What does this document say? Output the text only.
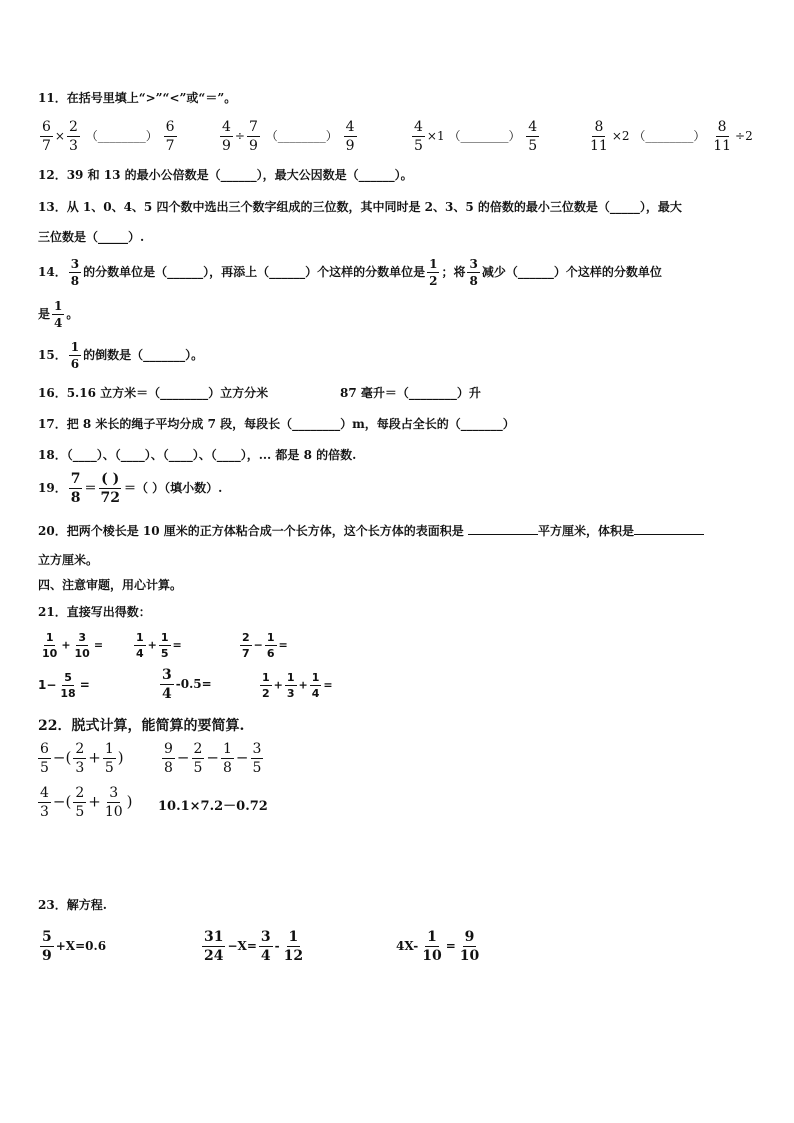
11．在括号里填上“>”“<”或“＝”。
$\frac{6}{7} \times \frac{2}{3}$ （________） $\frac{6}{7}$	$\frac{4}{9} \div \frac{7}{9}$ （________） $\frac{4}{9}$	$\frac{4}{5} \times 1$ （________） $\frac{4}{5}$	$\frac{8}{11} \times 2$ （________） $\frac{8}{11} \div 2$
12．39 和 13 的最小公倍数是（______），最大公因数是（______）。
13．从 1、0、4、5 四个数中选出三个数字组成的三位数，其中同时是 2、3、5 的倍数的最小三位数是（_____），最大
三位数是（_____）.
14． $\frac{3}{8}$ 的分数单位是（______），再添上（______）个这样的分数单位是 $\frac{1}{2}$ ；将 $\frac{3}{8}$ 减少（______）个这样的分数单位
是 $\frac{1}{4}$ 。
15． $\frac{1}{6}$ 的倒数是（_______）。
16．5.16 立方米＝（________）立方分米	87 毫升＝（________）升
17．把 8 米长的绳子平均分成 7 段，每段长（________）m，每段占全长的（_______）
18．（____）、（____）、（____）、（____），... 都是 8 的倍数.
19． $\frac{7}{8} = \frac{( )}{72}$ ＝（ ）（填小数）.
20．把两个棱长是 10 厘米的正方体粘合成一个长方体，这个长方体的表面积是	平方厘米，体积是
立方厘米。
四、注意审题，用心计算。
21．直接写出得数：
$\frac{1}{10} + \frac{3}{10}$ =	$\frac{1}{4} + \frac{1}{5}$ =	$\frac{2}{7} - \frac{1}{6}$ =
$1- \frac{5}{18}$ =	$\frac{3}{4} -0.5=$	$\frac{1}{2} + \frac{1}{3} + \frac{1}{4}$ =
22．脱式计算，能简算的要简算.
$\frac{6}{5}$ −( $\frac{2}{3} + \frac{1}{5}$ )	$\frac{9}{8} - \frac{2}{5} - \frac{1}{8} - \frac{3}{5}$
$\frac{4}{3}$ −( $\frac{2}{5} + \frac{3}{10}$ ) 10.1×7.2－0.72
23．解方程.
$\frac{5}{9} +X=0.6$	$\frac{31}{24} -X= \frac{3}{4} - \frac{1}{12}$	$4X- \frac{1}{10} = \frac{9}{10}$
